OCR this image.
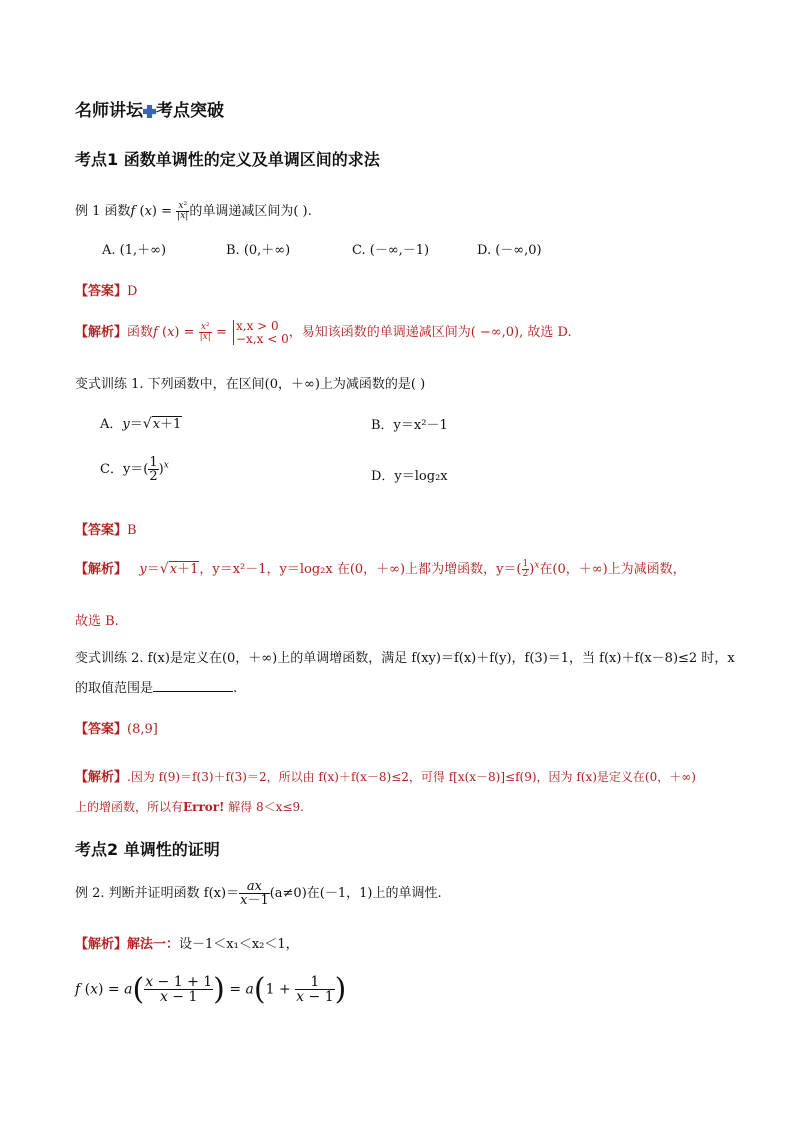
名师讲坛 考点突破
考点1 函数单调性的定义及单调区间的求法
例 1 函数f $(x) = \frac{\text{x²}}{|x|}$ 的单调递减区间为( ).
A. (1,＋∞)	B. (0,＋∞)	C. (－∞,－1)	D. (－∞,0)
【答案】D
【解析】函数f $(x) = \frac{\text{x²}}{|x|} = x,x > 0$
−x,x < 0 ，易知该函数的单调递减区间为( −∞,0), 故选 D.
变式训练 1. 下列函数中，在区间(0，＋∞)上为减函数的是( )
A．y＝√x＋1	B．y＝x²－1
C．$y=( \frac{1}{2} )^x$
D．y＝log₂x
【答案】B
【解析】 y＝√x＋1，y＝x²－1，y＝log₂x 在(0，＋∞)上都为增函数，$y=( \frac{1}{2} )^x$在(0，＋∞)上为减函数，
故选 B.
变式训练 2. f(x)是定义在(0，＋∞)上的单调增函数，满足 f(xy)＝f(x)＋f(y)，f(3)＝1，当 f(x)＋f(x－8)≤2 时，x
的取值范围是	.
【答案】(8,9]
【解析】.因为 f(9)＝f(3)＋f(3)＝2，所以由 f(x)＋f(x－8)≤2，可得 f[x(x－8)]≤f(9)，因为 f(x)是定义在(0，＋∞)
上的增函数，所以有Error! 解得 8＜x≤9.
考点2 单调性的证明
例 2. 判断并证明函数 $f(x)= \frac{ax}{x-1} (a\ne 0)$在(－1，1)上的单调性.
【解析】解法一：设－1＜x₁＜x₂＜1，
f $(x) = a( \frac{x - 1 + 1}{x - 1}$ ) = $a(1 + \frac{1}{x - 1}$ )
